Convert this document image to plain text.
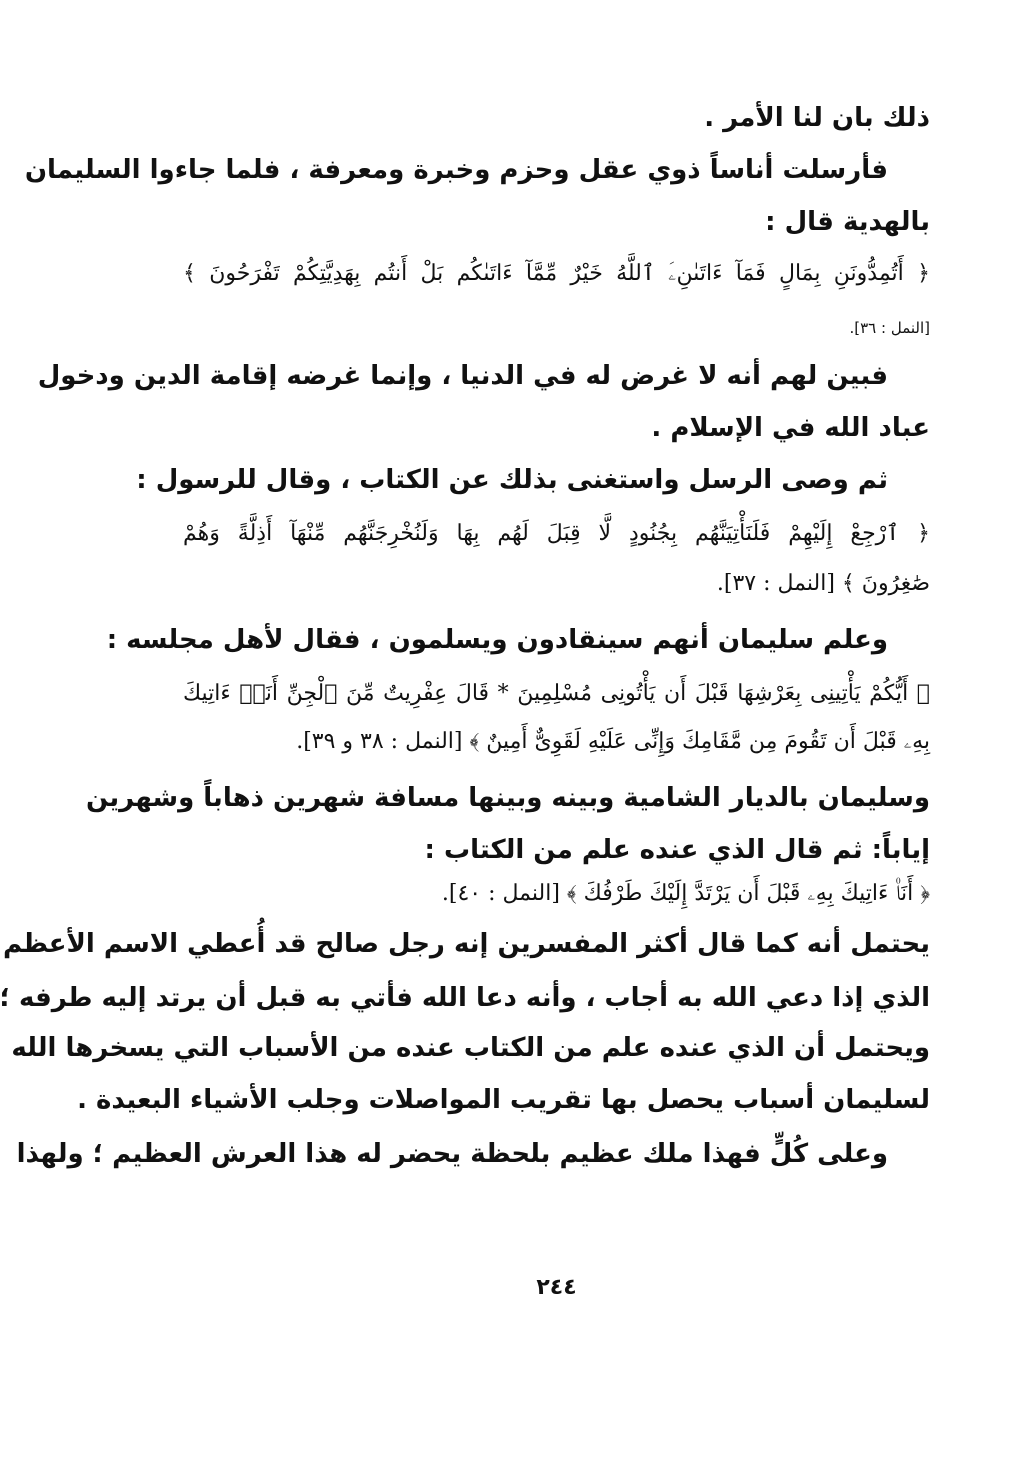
ذلك بان لنا الأمر .
فأرسلت أناساً ذوي عقل وحزم وخبرة ومعرفة ، فلما جاءوا السليمان
بالهدية قال :
﴿ أَتُمِدُّونَنِ بِمَالٍ فَمَآ ءَاتَىٰنِۦَ ٱللَّهُ خَيْرٌ مِّمَّآ ءَاتَىٰكُم بَلْ أَنتُم بِهَدِيَّتِكُمْ تَفْرَحُونَ ﴾
[النمل : ٣٦].
فبين لهم أنه لا غرض له في الدنيا ، وإنما غرضه إقامة الدين ودخول
عباد الله في الإسلام .
ثم وصى الرسل واستغنى بذلك عن الكتاب ، وقال للرسول :
﴿ ٱرْجِعْ إِلَيْهِمْ فَلَنَأْتِيَنَّهُم بِجُنُودٍ لَّا قِبَلَ لَهُم بِهَا وَلَنُخْرِجَنَّهُم مِّنْهَآ أَذِلَّةً وَهُمْ
صَٰغِرُونَ ﴾ [النمل : ٣٧].
وعلم سليمان أنهم سينقادون ويسلمون ، فقال لأهل مجلسه :
﴿ أَيُّكُمْ يَأْتِينِى بِعَرْشِهَا قَبْلَ أَن يَأْتُونِى مُسْلِمِينَ * قَالَ عِفْرِيتٌ مِّنَ ٱلْجِنِّ أَنَا۠ ءَاتِيكَ
بِهِۦ قَبْلَ أَن تَقُومَ مِن مَّقَامِكَ وَإِنِّى عَلَيْهِ لَقَوِىٌّ أَمِينٌ ﴾ [النمل : ٣٨ و ٣٩].
وسليمان بالديار الشامية وبينه وبينها مسافة شهرين ذهاباً وشهرين
إياباً: ثم قال الذي عنده علم من الكتاب :
﴿ أَنَا۠ ءَاتِيكَ بِهِۦ قَبْلَ أَن يَرْتَدَّ إِلَيْكَ طَرْفُكَ ﴾ [النمل : ٤٠].
يحتمل أنه كما قال أكثر المفسرين إنه رجل صالح قد أُعطي الاسم الأعظم
الذي إذا دعي الله به أجاب ، وأنه دعا الله فأتي به قبل أن يرتد إليه طرفه ؛
ويحتمل أن الذي عنده علم من الكتاب عنده من الأسباب التي يسخرها الله
لسليمان أسباب يحصل بها تقريب المواصلات وجلب الأشياء البعيدة .
وعلى كُلٍّ فهذا ملك عظيم بلحظة يحضر له هذا العرش العظيم ؛ ولهذا
٢٤٤
